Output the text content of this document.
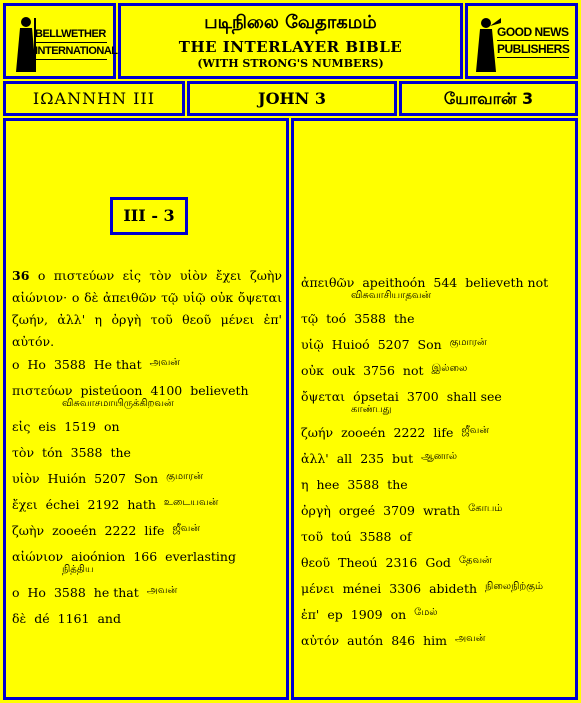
BELLWETHER
INTERNATIONAL
படிநிலை வேதாகமம்
THE INTERLAYER BIBLE
(WITH STRONG'S NUMBERS)
GOOD NEWS
PUBLISHERS
ΙΩΑΝΝΗΝ III	JOHN 3	யோவான் 3
III - 3
36 ο πιστεύων εἰς τὸν υἱὸν ἔχει ζωὴν αἰώνιον· ο δὲ ἀπειθῶν τῷ υἱῷ οὐκ ὄψεται ζωήν, ἀλλ' η ὀργὴ τοῦ θεοῦ μένει ἐπ' αὐτόν.
ο Ho 3588 He that அவன்
πιστεύων pisteúoon 4100 believeth
விசுவாசமாயிருக்கிறவன்
εἰς eis 1519 on
τὸν tón 3588 the
υἱὸν Huión 5207 Son குமாரன்
ἔχει échei 2192 hath உடையவன்
ζωὴν zooeén 2222 life ஜீவன்
αἰώνιον aioónion 166 everlasting
நித்திய
ο Ho 3588 he that அவன்
δὲ dé 1161 and
ἀπειθῶν apeithoón 544 believeth not
விசுவாசியாதவன்
τῷ toó 3588 the
υἱῷ Huioó 5207 Son குமாரன்
οὐκ ouk 3756 not இல்லை
ὄψεται ópsetai 3700 shall see
காண்பது
ζωήν zooeén 2222 life ஜீவன்
ἀλλ' all 235 but ஆனால்
η hee 3588 the
ὀργὴ orgeé 3709 wrath கோபம்
τοῦ toú 3588 of
θεοῦ Theoú 2316 God தேவன்
μένει ménei 3306 abideth நிலைநிற்கும்
ἐπ' ep 1909 on மேல்
αὐτόν autón 846 him அவன்
